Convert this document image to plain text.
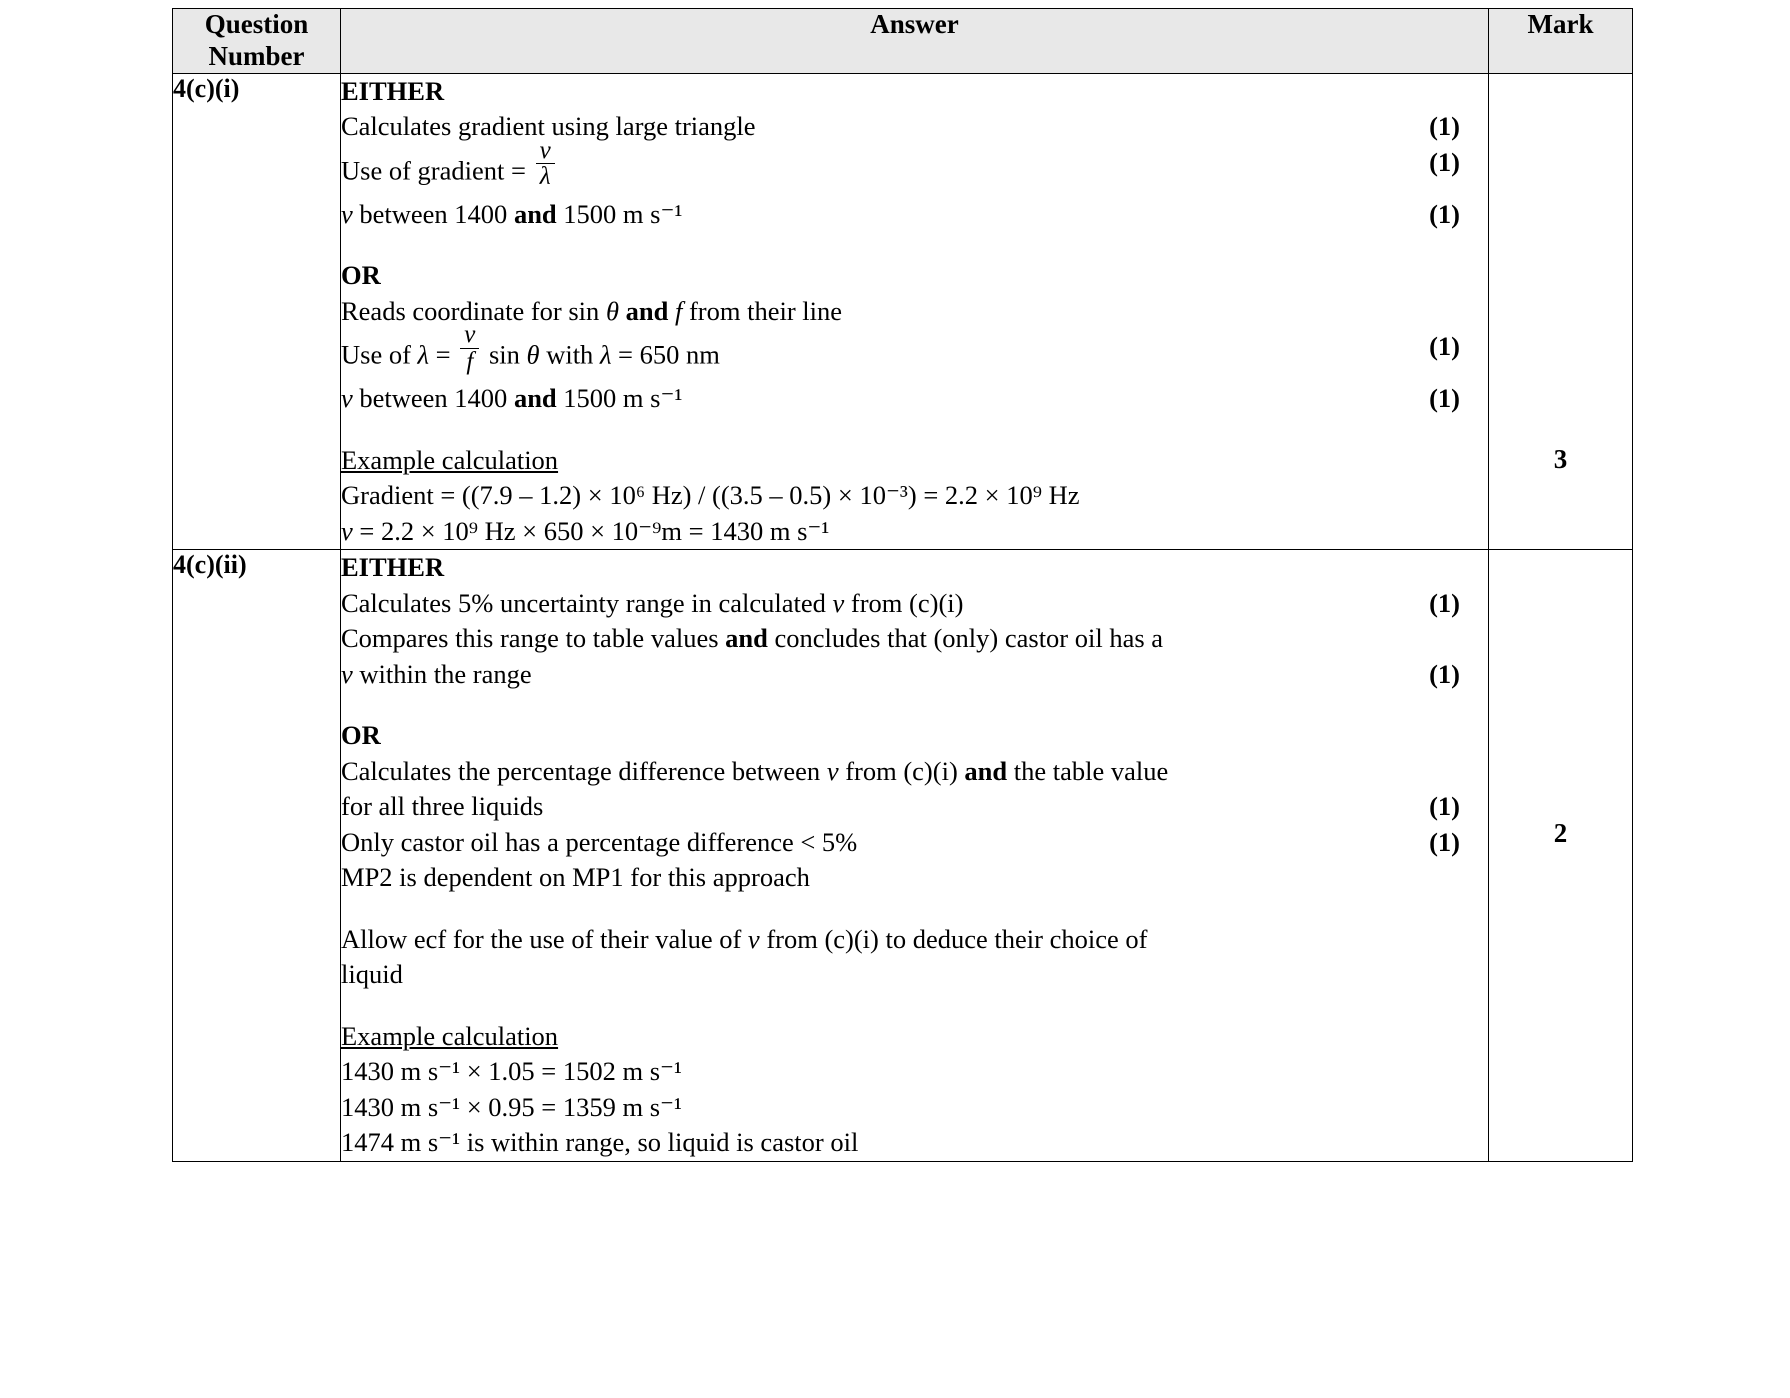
Question Number	Answer	Mark
4(c)(i)	EITHER
Calculates gradient using large triangle	(1)
Use of gradient = $\frac{v}{\lambda}$	(1)
v between 1400 and 1500 m s⁻¹	(1)
OR
Reads coordinate for sin θ and f from their line
Use of $\lambda = \frac{v}{f}$ sin θ with λ = 650 nm	(1)
v between 1400 and 1500 m s⁻¹	(1)
Example calculation
Gradient = ((7.9 – 1.2) × 10⁶ Hz) / ((3.5 – 0.5) × 10⁻³) = 2.2 × 10⁹ Hz
v = 2.2 × 10⁹ Hz × 650 × 10⁻⁹m = 1430 m s⁻¹

3

4(c)(ii)	EITHER
Calculates 5% uncertainty range in calculated v from (c)(i)	(1)
Compares this range to table values and concludes that (only) castor oil has a
v within the range	(1)
OR
Calculates the percentage difference between v from (c)(i) and the table value
for all three liquids	(1)
Only castor oil has a percentage difference < 5%	(1)
MP2 is dependent on MP1 for this approach
Allow ecf for the use of their value of v from (c)(i) to deduce their choice of
liquid
Example calculation
1430 m s⁻¹ × 1.05 = 1502 m s⁻¹
1430 m s⁻¹ × 0.95 = 1359 m s⁻¹
1474 m s⁻¹ is within range, so liquid is castor oil

2
